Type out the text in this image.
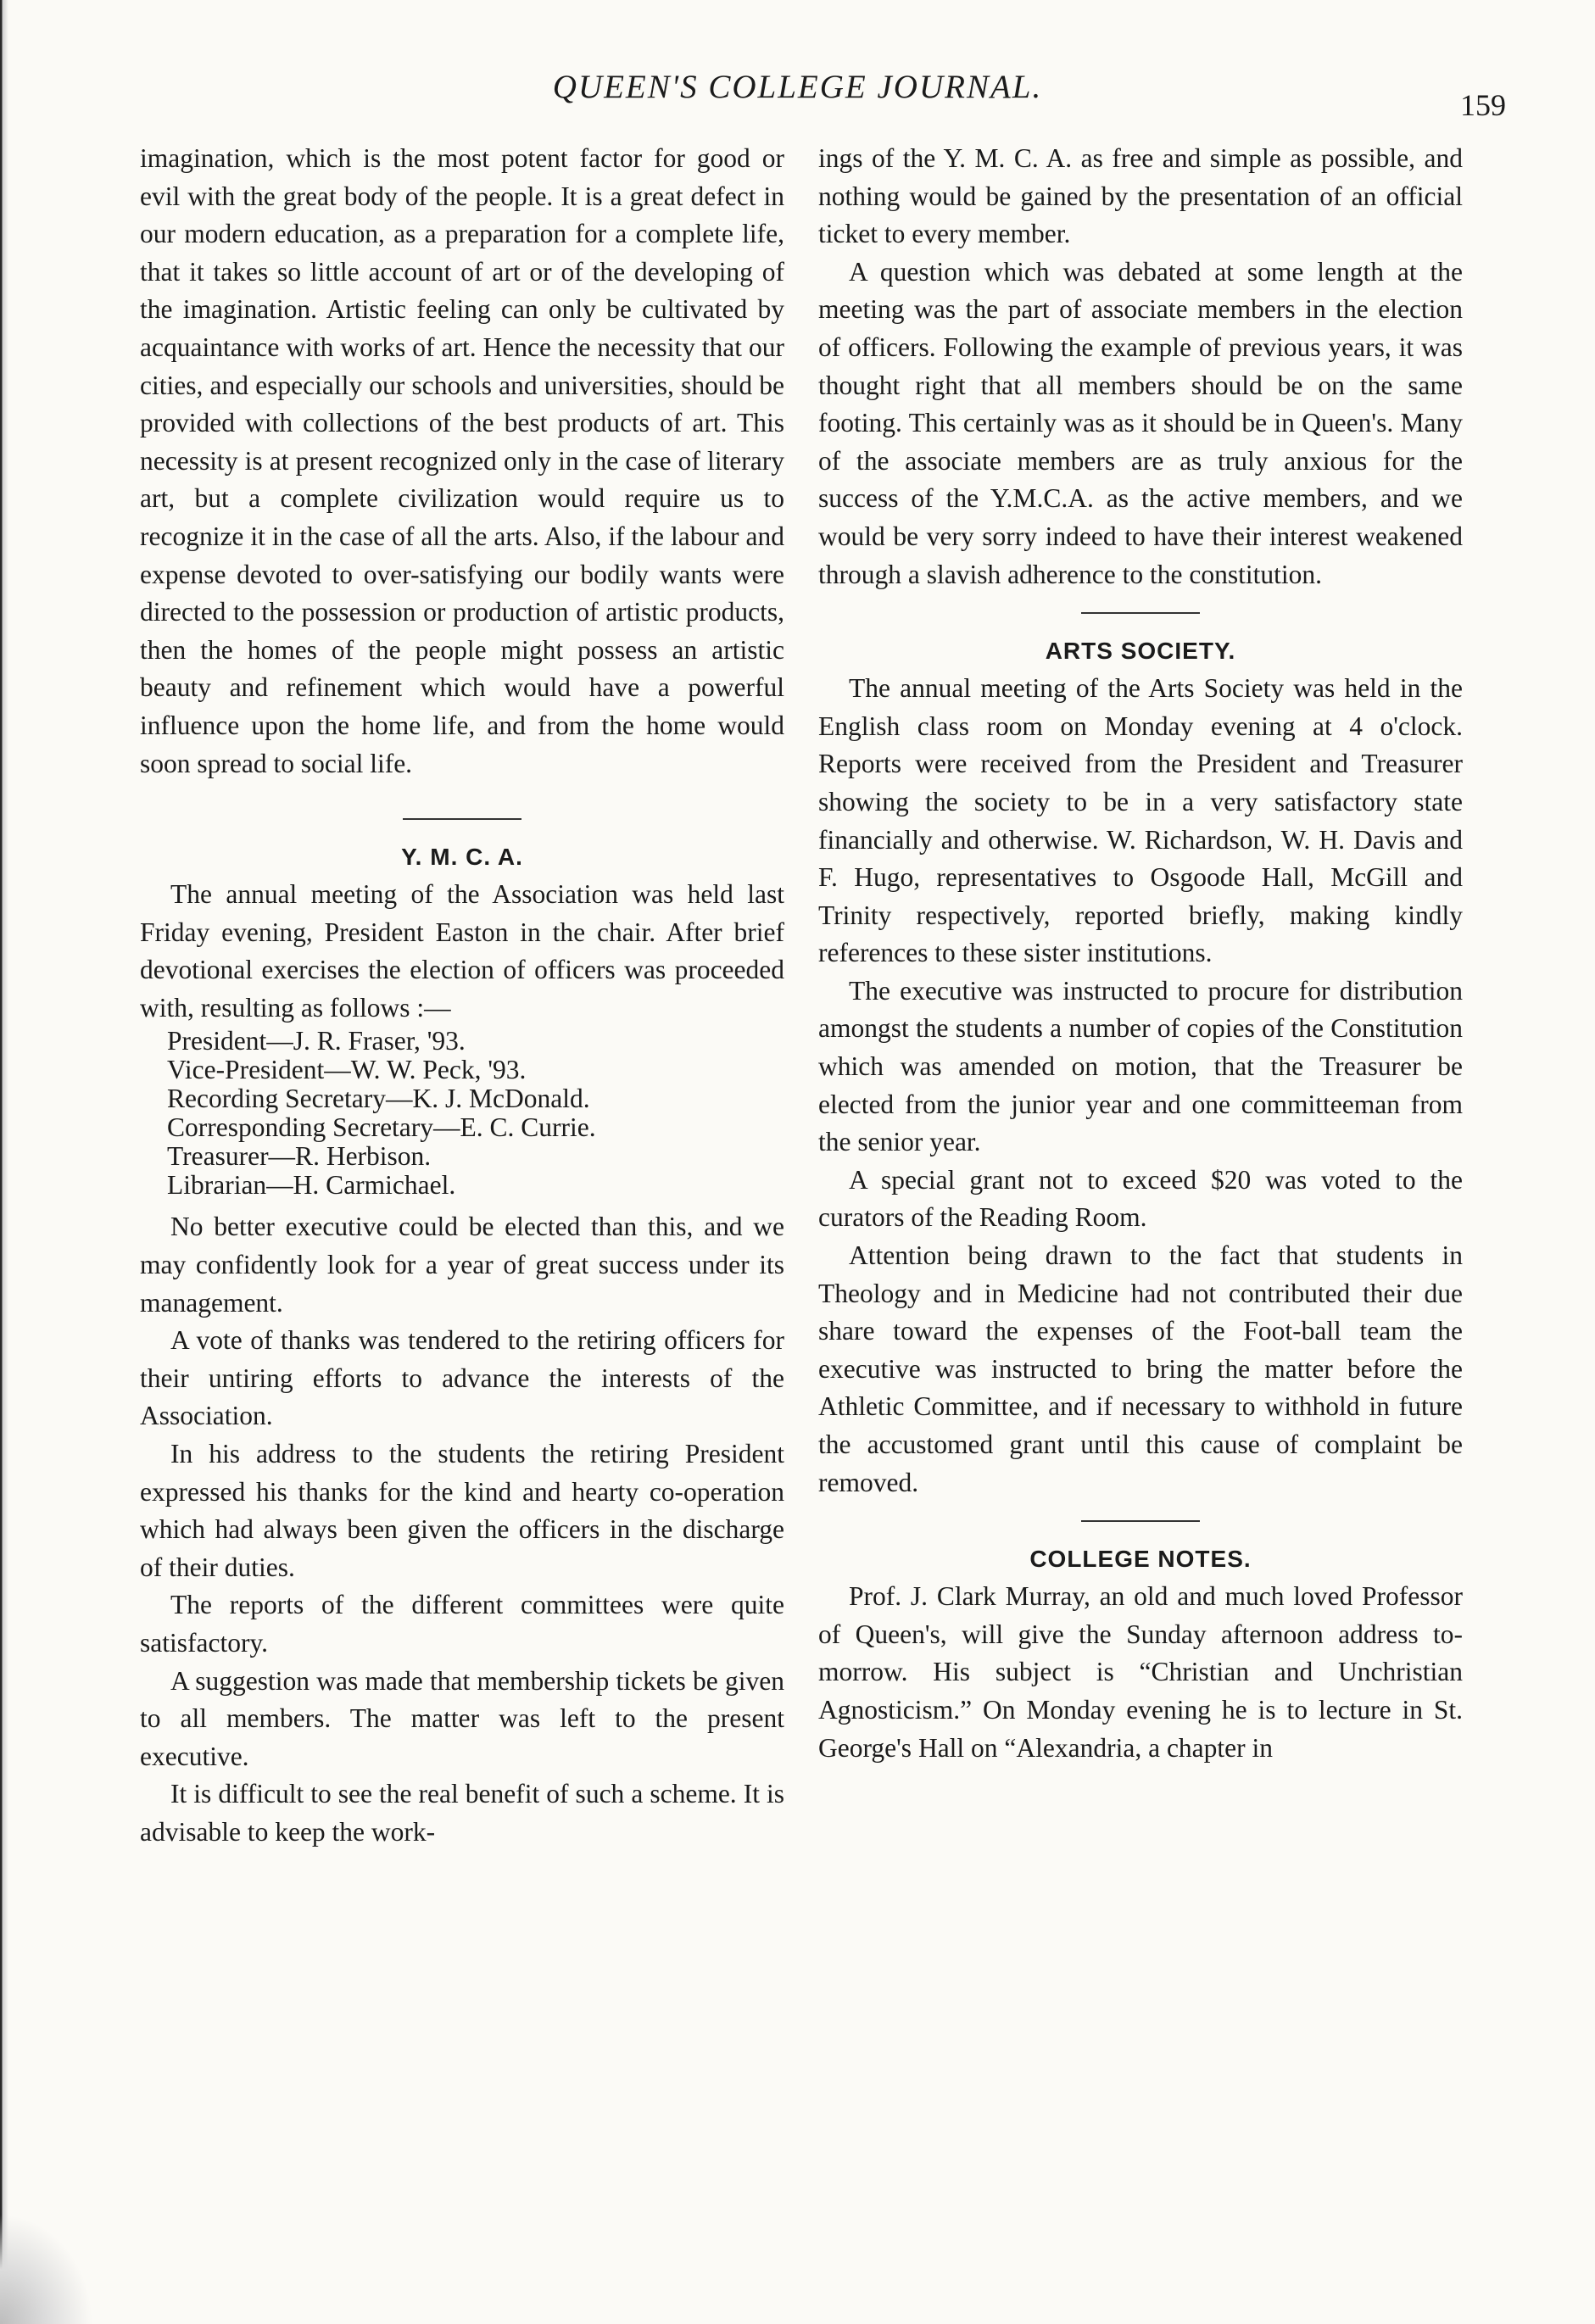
QUEEN'S COLLEGE JOURNAL.	159

imagination, which is the most potent factor for good or evil with the great body of the people. It is a great defect in our modern education, as a preparation for a complete life, that it takes so little account of art or of the developing of the imagination. Artistic feeling can only be cultivated by acquaintance with works of art. Hence the necessity that our cities, and especially our schools and universities, should be provided with collections of the best products of art. This necessity is at present recognized only in the case of literary art, but a complete civilization would require us to recognize it in the case of all the arts. Also, if the labour and expense devoted to over-satisfying our bodily wants were directed to the possession or production of artistic products, then the homes of the people might possess an artistic beauty and refinement which would have a powerful influence upon the home life, and from the home would soon spread to social life.

Y. M. C. A.

The annual meeting of the Association was held last Friday evening, President Easton in the chair. After brief devotional exercises the election of officers was proceeded with, resulting as follows :—

President—J. R. Fraser, '93.
Vice-President—W. W. Peck, '93.
Recording Secretary—K. J. McDonald.
Corresponding Secretary—E. C. Currie.
Treasurer—R. Herbison.
Librarian—H. Carmichael.

No better executive could be elected than this, and we may confidently look for a year of great success under its management.

A vote of thanks was tendered to the retiring officers for their untiring efforts to advance the interests of the Association.

In his address to the students the retiring President expressed his thanks for the kind and hearty co-operation which had always been given the officers in the discharge of their duties.

The reports of the different committees were quite satisfactory.

A suggestion was made that membership tickets be given to all members. The matter was left to the present executive.

It is difficult to see the real benefit of such a scheme. It is advisable to keep the work-

ings of the Y. M. C. A. as free and simple as possible, and nothing would be gained by the presentation of an official ticket to every member.

A question which was debated at some length at the meeting was the part of associate members in the election of officers. Following the example of previous years, it was thought right that all members should be on the same footing. This certainly was as it should be in Queen's. Many of the associate members are as truly anxious for the success of the Y.M.C.A. as the active members, and we would be very sorry indeed to have their interest weakened through a slavish adherence to the constitution.

ARTS SOCIETY.

The annual meeting of the Arts Society was held in the English class room on Monday evening at 4 o'clock. Reports were received from the President and Treasurer showing the society to be in a very satisfactory state financially and otherwise. W. Richardson, W. H. Davis and F. Hugo, representatives to Osgoode Hall, McGill and Trinity respectively, reported briefly, making kindly references to these sister institutions.

The executive was instructed to procure for distribution amongst the students a number of copies of the Constitution which was amended on motion, that the Treasurer be elected from the junior year and one committeeman from the senior year.

A special grant not to exceed $20 was voted to the curators of the Reading Room.

Attention being drawn to the fact that students in Theology and in Medicine had not contributed their due share toward the expenses of the Foot-ball team the executive was instructed to bring the matter before the Athletic Committee, and if necessary to withhold in future the accustomed grant until this cause of complaint be removed.

COLLEGE NOTES.

Prof. J. Clark Murray, an old and much loved Professor of Queen's, will give the Sunday afternoon address to-morrow. His subject is “Christian and Unchristian Agnosticism.” On Monday evening he is to lecture in St. George's Hall on “Alexandria, a chapter in
